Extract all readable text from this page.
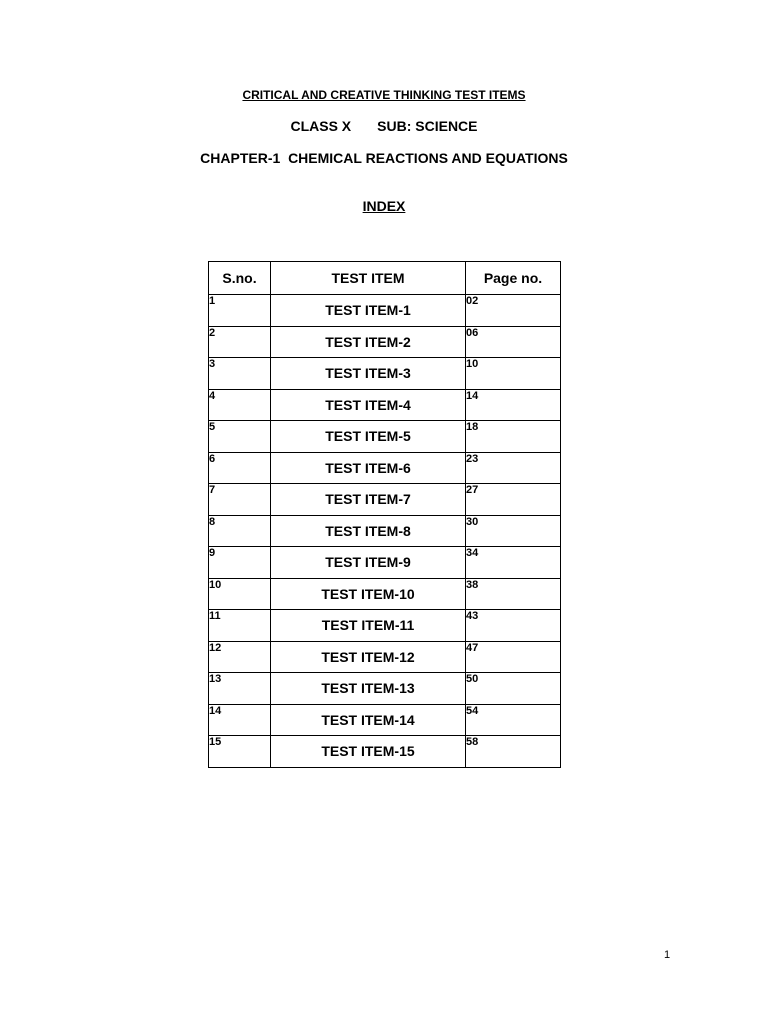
CRITICAL AND CREATIVE THINKING TEST ITEMS
CLASS X SUB: SCIENCE
CHAPTER-1  CHEMICAL REACTIONS AND EQUATIONS
INDEX
S.no.	TEST ITEM	Page no.
1	TEST ITEM-1	02
2	TEST ITEM-2	06
3	TEST ITEM-3	10
4	TEST ITEM-4	14
5	TEST ITEM-5	18
6	TEST ITEM-6	23
7	TEST ITEM-7	27
8	TEST ITEM-8	30
9	TEST ITEM-9	34
10	TEST ITEM-10	38
11	TEST ITEM-11	43
12	TEST ITEM-12	47
13	TEST ITEM-13	50
14	TEST ITEM-14	54
15	TEST ITEM-15	58
1
